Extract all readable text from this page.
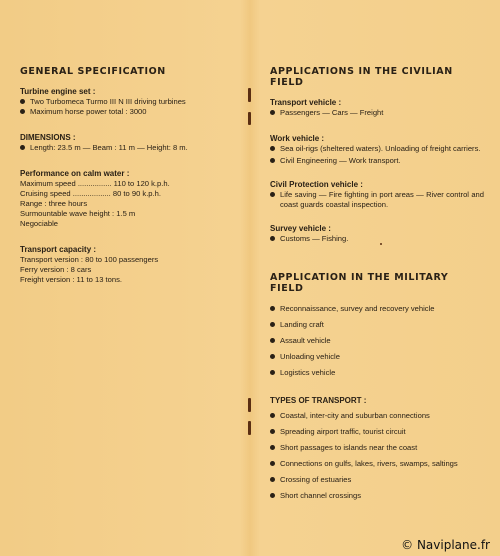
GENERAL SPECIFICATION

Turbine engine set :

Two Turbomeca Turmo III N III driving turbines

Maximum horse power total : 3000

DIMENSIONS :

Length: 23.5 m — Beam : 11 m — Height: 8 m.

Performance on calm water :

Maximum speed ................ 110 to 120 k.p.h.

Cruising speed .................. 80 to 90 k.p.h.

Range : three hours

Surmountable wave height : 1.5 m

Negociable

Transport capacity :

Transport version : 80 to 100 passengers

Ferry version : 8 cars

Freight version : 11 to 13 tons.

APPLICATIONS IN THE CIVILIAN FIELD

Transport vehicle :

Passengers — Cars — Freight

Work vehicle :

Sea oil-rigs (sheltered waters). Unloading of freight carriers.

Civil Engineering — Work transport.

Civil Protection vehicle :

Life saving — Fire fighting in port areas — River control and coast guards coastal inspection.

Survey vehicle :

Customs — Fishing.

APPLICATION IN THE MILITARY FIELD

Reconnaissance, survey and recovery vehicle

Landing craft

Assault vehicle

Unloading vehicle

Logistics vehicle

TYPES OF TRANSPORT :

Coastal, inter-city and suburban connections

Spreading airport traffic, tourist circuit

Short passages to islands near the coast

Connections on gulfs, lakes, rivers, swamps, saltings

Crossing of estuaries

Short channel crossings

© Naviplane.fr
